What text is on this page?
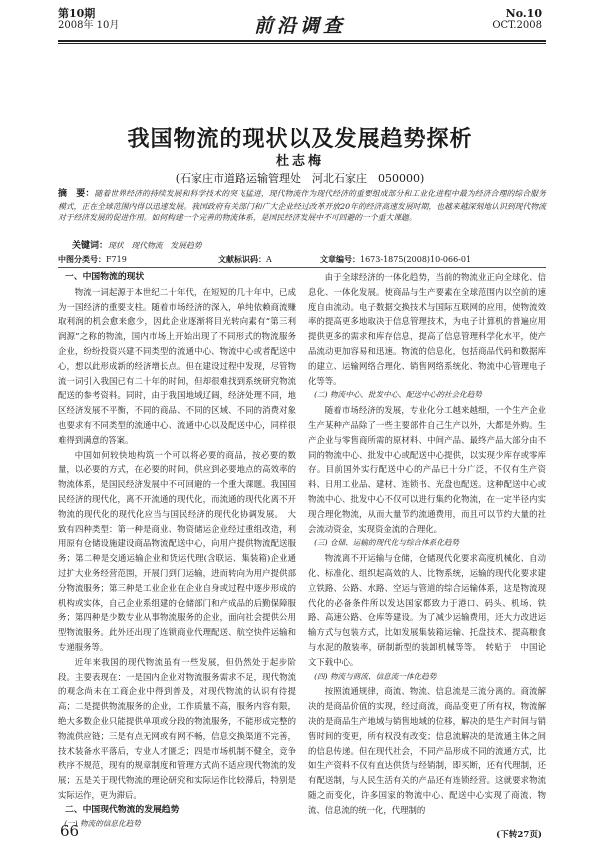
第10期
2008年 10月	前沿调查
No.10
OCT.2008
我国物流的现状以及发展趋势探析
杜志梅
(石家庄市道路运输管理处　河北石家庄　050000)
摘　要：随着世界经济的持续发展和科学技术的突飞猛进，现代物流作为现代经济的重要组成部分和工业化进程中最为经济合理的综合服务模式，正在全球范围内得以迅速发展。我国政府有关部门和广大企业经过改革开放20年的经济高速发展时期，也越来越深刻地认识到现代物流对于经济发展的促进作用。如何构建一个完善的物流体系，是国民经济发展中不可回避的一个重大课题。
关键词：现状　现代物流　发展趋势
中图分类号：F719	文献标识码：A	文章编号：1673-1875(2008)10-066-01
一、中国物流的现状

物流一词起源于本世纪二十年代，在短短的几十年中，已成为一国经济的重要支柱。随着市场经济的深入，单纯依赖商流赚取利润的机会愈来愈少，因此企业逐渐将目光转向素有“第三利润源”之称的物流，国内市场上开始出现了不同形式的物流服务企业，纷纷投资兴建不同类型的流通中心、物流中心或者配送中心，想以此形成新的经济增长点。但在建设过程中发现，尽管物流一词引入我国已有二十年的时间，但却很难找到系统研究物流配送的参考资料。同时，由于我国地域辽阔，经济处理不同，地区经济发展不平衡，不同的商品、不同的区域、不同的消费对象也要求有不同类型的流通中心、流通中心以及配送中心，同样很难得到满意的答案。

中国如何较快地构筑一个可以将必要的商品，按必要的数量，以必要的方式，在必要的时间，供应到必要地点的高效率的物流体系，是国民经济发展中不可回避的一个重大课题。我国国民经济的现代化，离不开流通的现代化，而流通的现代化离不开物流的现代化的现代化应当与国民经济的现代化协调发展。　大致有四种类型：第一种是商业、物资储运企业经过重组改造，利用原有仓储设施建设商品物流配送中心，向用户提供物流配送服务；第二种是交通运输企业和货运代理(含联运、集装箱)企业通过扩大业务经营范围，开展门到门运输，进而转向为用户提供部分物流服务；第三种是工业企业在企业自身或过程中逐步形成的机构或实体，自己企业系组建的仓储部门和产成品的后勤保障服务；第四种是少数专业从事物流服务的企业，面向社会提供公用型物流服务。此外还出现了连锁商业代理配送、航空快件运输和专递服务等。

近年来我国的现代物流虽有一些发展，但仍然处于起步阶段。主要表现在：一是国内企业对物流服务需求不足，现代物流的观念尚未在工商企业中得到普及，对现代物流的认识有待提高；二是提供物流服务的企业，工作质量不高，服务内容有限，绝大多数企业只能提供单项或分段的物流服务，不能形成完整的物流供应链；三是有点无网或有网不畅，信息交换渠道不完善，技术装备水平落后，专业人才匮乏；四是市场机制不健全，竞争秩序不规范，现有的规章制度和管理方式尚不适应现代物流的发展；五是关于现代物流的理论研究和实际运作比较滞后，特别是实际运作，更为滞后。

二、中国现代物流的发展趋势
(一) 物流的信息化趋势

由于全球经济的一体化趋势，当前的物流业正向全球化、信息化、一体化发展。使商品与生产要素在全球范围内以空前的速度自由流动。电子数据交换技术与国际互联网的应用，使物流效率的提高更多地取决于信息管理技术，为电子计算机的普遍应用提供更多的需求和库存信息，提高了信息管理科学化水平，使产品流动更加容易和迅速。物流的信息化，包括商品代码和数据库的建立、运输网络合理化、销售网络系统化、物流中心管理电子化等等。

(二) 物流中心、批发中心、配送中心的社会化趋势

随着市场经济的发展，专业化分工越来越细，一个生产企业生产某种产品除了一些主要部件自己生产以外，大都是外购。生产企业与零售商所需的原材料、中间产品、最终产品大部分由不同的物流中心、批发中心或配送中心提供，以实现少库存或零库存。目前国外实行配送中心的产品已十分广泛，不仅有生产资料、日用工业品、建材、连锁书、光盘也配送。这种配送中心或物流中心、批发中心不仅可以进行集约化物流，在一定半径内实现合理化物流，从而大量节约流通费用，而且可以节约大量的社会流动资金，实现资金流的合理化。

(三) 仓储、运输的现代化与综合体系化趋势

物流离不开运输与仓储，仓储现代化要求高度机械化、自动化、标准化、组织起高效的人、比物系统，运输的现代化要求建立铁路、公路、水路、空运与管道的综合运输体系，这是物流现代化的必备条件所以发达国家都致力于港口、码头、机场、铁路、高速公路、仓库等建设。为了减少运输费用，还大力改进运输方式与包装方式，比如发展集装箱运输、托盘技术、提高粮食与水泥的散装率，研制新型的装卸机械等等。　转贴于　中国论文下载中心。

(四) 物流与商流、信息流一体化趋势

按照流通规律，商流、物流、信息流是三流分离的。商流解决的是商品价值的实现，经过商流，商品变更了所有权，物流解决的是商品生产地域与销售地域的位移，解决的是生产时间与销售时间的变更，所有权没有改变；信息流解决的是流通主体之间的信息传递。但在现代社会，不同产品形成不同的流通方式，比如生产资料不仅有直达供货与经销制，即买断，还有代理制，还有配送制，与人民生活有关的产品还有连锁经营。这就要求物流随之而变化，许多国家的物流中心、配送中心实现了商流、物流、信息流的统一化，代理制的

(下转27页)
66
